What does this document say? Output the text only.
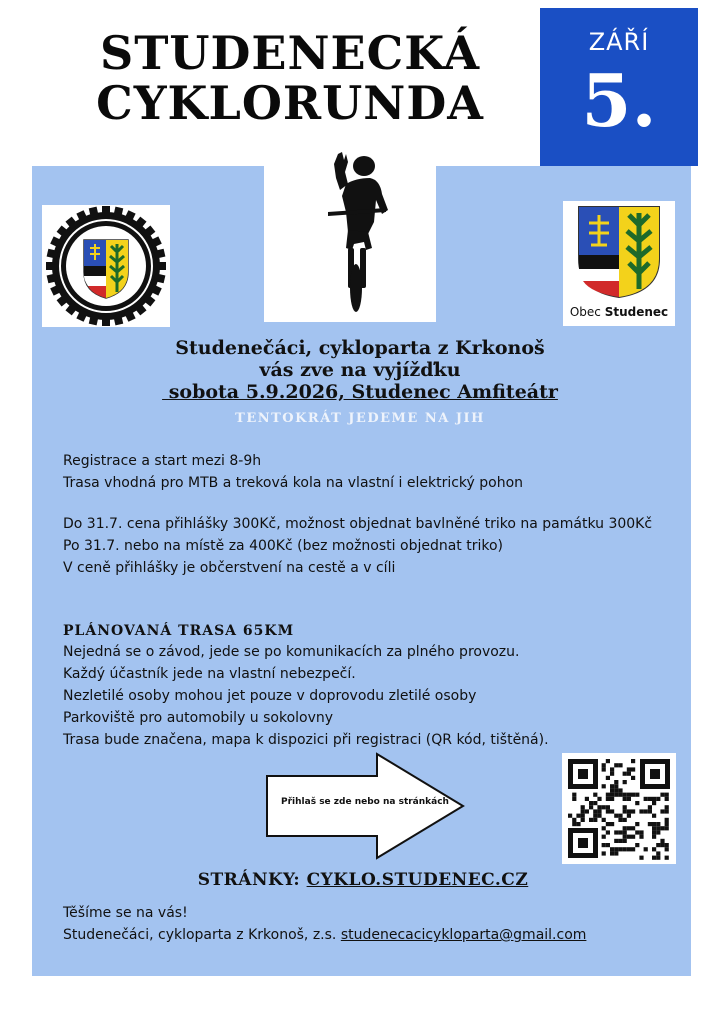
STUDENECKÁ
CYKLORUNDA
ZÁŘÍ
5.
Obec Studenec
Studenečáci, cykloparta z Krkonoš
vás zve na vyjížďku
sobota 5.9.2026, Studenec Amfiteátr
TENTOKRÁT JEDEME NA JIH

Registrace a start mezi 8-9h

Trasa vhodná pro MTB a treková kola na vlastní i elektrický pohon

Do 31.7. cena přihlášky 300Kč, možnost objednat bavlněné triko na památku 300Kč

Po 31.7. nebo na místě za 400Kč (bez možnosti objednat triko)

V ceně přihlášky je občerstvení na cestě a v cíli

PLÁNOVANÁ TRASA 65KM

Nejedná se o závod, jede se po komunikacích za plného provozu.

Každý účastník jede na vlastní nebezpečí.

Nezletilé osoby mohou jet pouze v doprovodu zletilé osoby

Parkoviště pro automobily u sokolovny

Trasa bude značena, mapa k dispozici při registraci (QR kód, tištěná).

Přihlaš se zde nebo na stránkách
STRÁNKY: CYKLO.STUDENEC.CZ

Těšíme se na vás!

Studenečáci, cykloparta z Krkonoš, z.s. studenecacicykloparta@gmail.com
